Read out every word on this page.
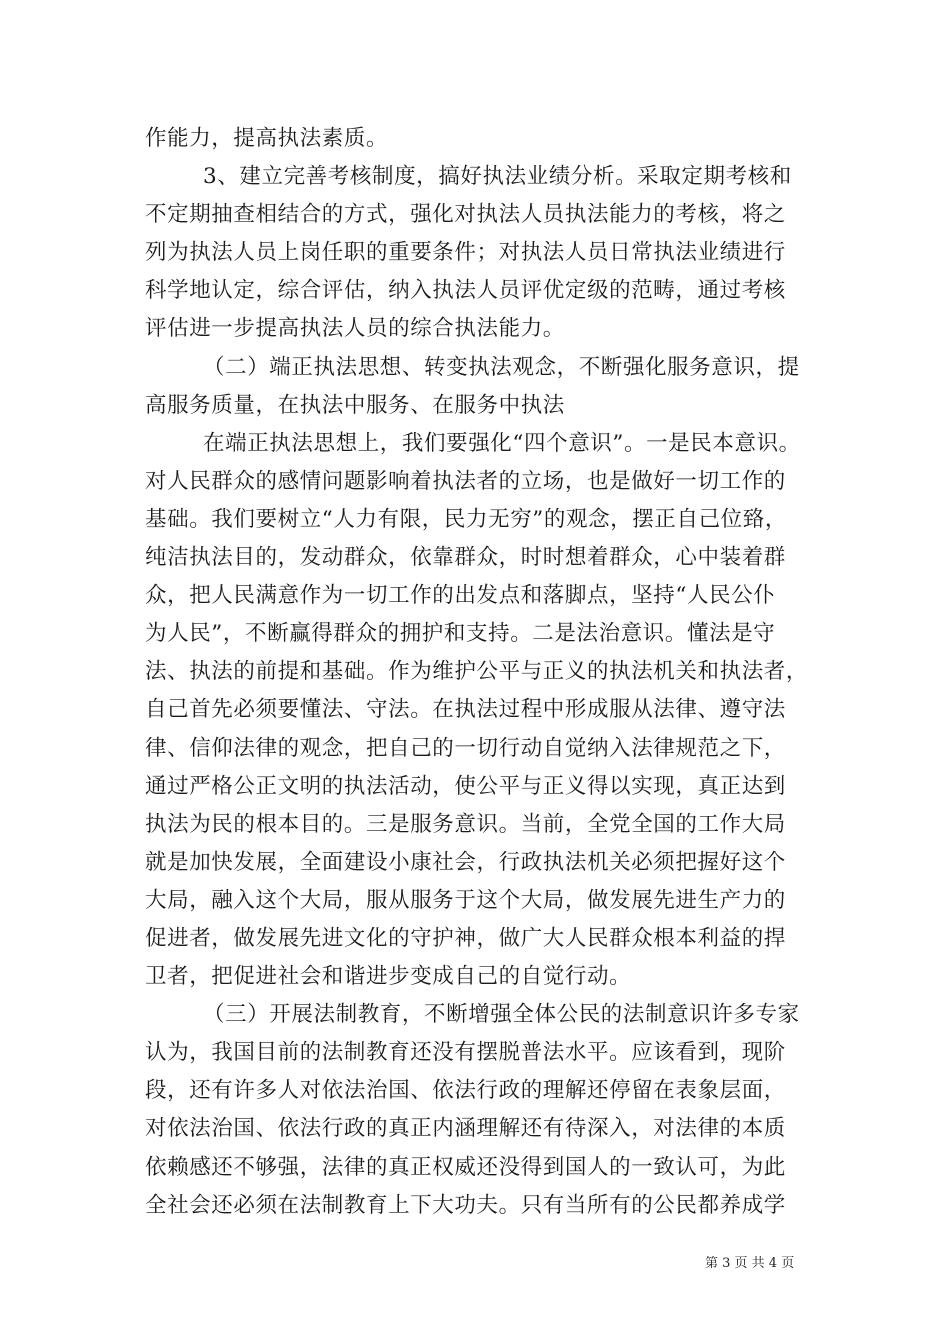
作能力，提高执法素质。
3、建立完善考核制度，搞好执法业绩分析。采取定期考核和
不定期抽查相结合的方式，强化对执法人员执法能力的考核，将之
列为执法人员上岗任职的重要条件；对执法人员日常执法业绩进行
科学地认定，综合评估，纳入执法人员评优定级的范畴，通过考核
评估进一步提高执法人员的综合执法能力。
（二）端正执法思想、转变执法观念，不断强化服务意识，提
高服务质量，在执法中服务、在服务中执法
在端正执法思想上，我们要强化“四个意识”。一是民本意识。
对人民群众的感情问题影响着执法者的立场，也是做好一切工作的
基础。我们要树立“人力有限，民力无穷”的观念，摆正自己位臵，
纯洁执法目的，发动群众，依靠群众，时时想着群众，心中装着群
众，把人民满意作为一切工作的出发点和落脚点，坚持“人民公仆
为人民”，不断赢得群众的拥护和支持。二是法治意识。懂法是守
法、执法的前提和基础。作为维护公平与正义的执法机关和执法者，
自己首先必须要懂法、守法。在执法过程中形成服从法律、遵守法
律、信仰法律的观念，把自己的一切行动自觉纳入法律规范之下，
通过严格公正文明的执法活动，使公平与正义得以实现，真正达到
执法为民的根本目的。三是服务意识。当前，全党全国的工作大局
就是加快发展，全面建设小康社会，行政执法机关必须把握好这个
大局，融入这个大局，服从服务于这个大局，做发展先进生产力的
促进者，做发展先进文化的守护神，做广大人民群众根本利益的捍
卫者，把促进社会和谐进步变成自己的自觉行动。
（三）开展法制教育，不断增强全体公民的法制意识许多专家
认为，我国目前的法制教育还没有摆脱普法水平。应该看到，现阶
段，还有许多人对依法治国、依法行政的理解还停留在表象层面，
对依法治国、依法行政的真正内涵理解还有待深入，对法律的本质
依赖感还不够强，法律的真正权威还没得到国人的一致认可，为此
全社会还必须在法制教育上下大功夫。只有当所有的公民都养成学
第 3 页 共 4 页
